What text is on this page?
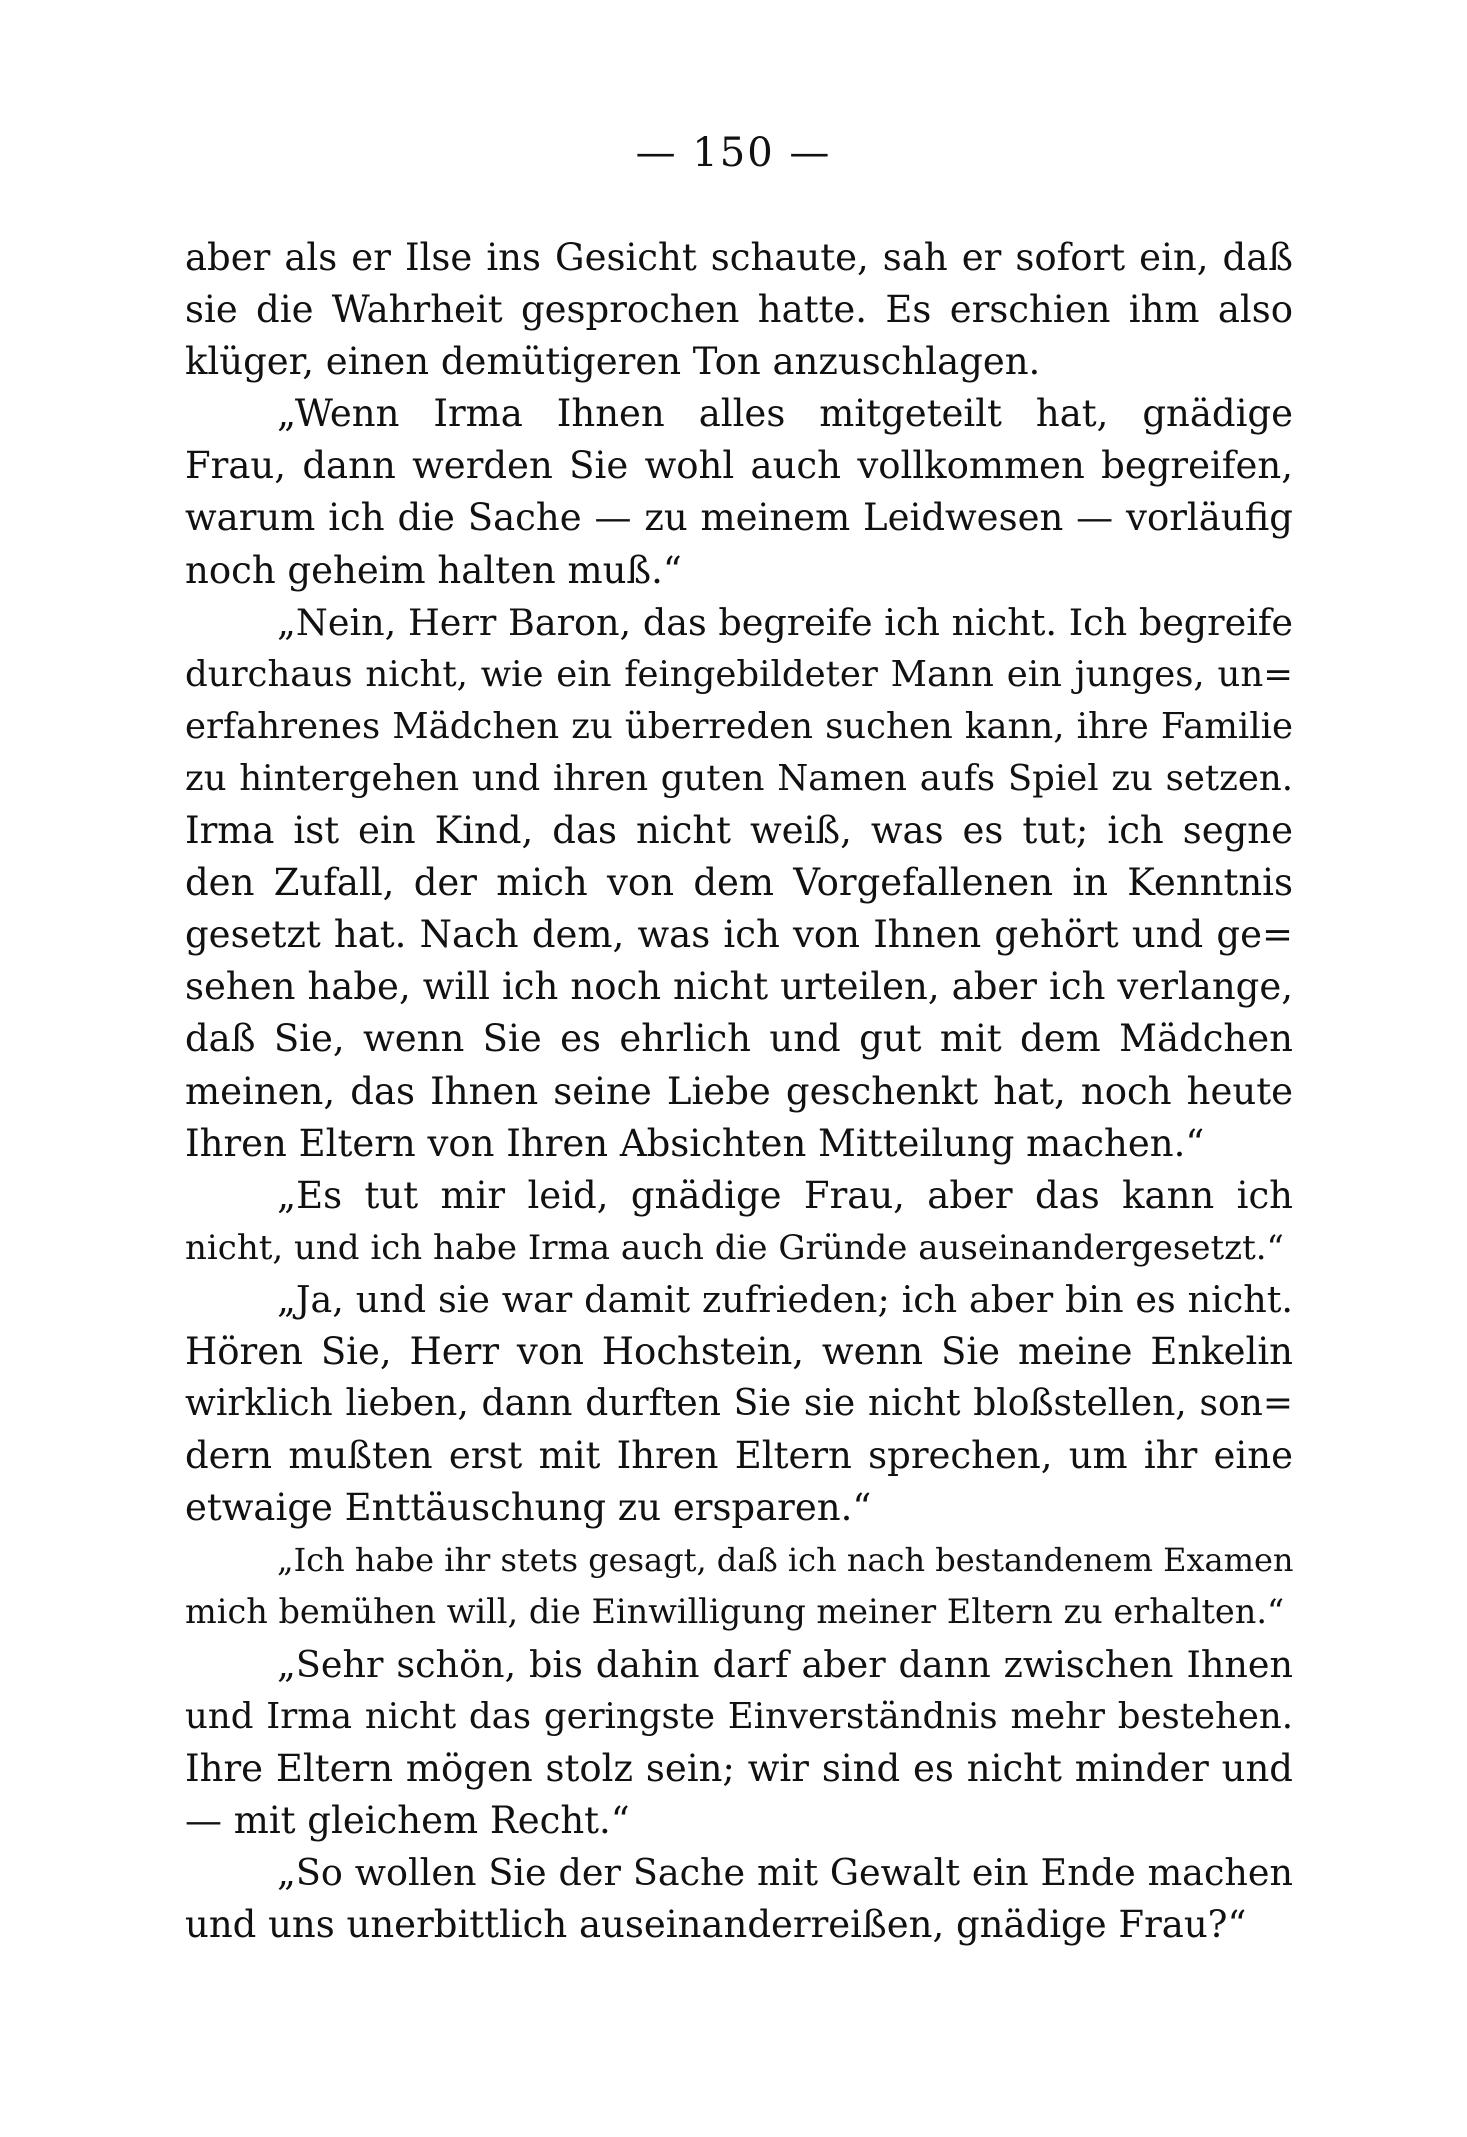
— 150 —
aber als er Ilse ins Gesicht schaute, sah er sofort ein, daß
sie die Wahrheit gesprochen hatte. Es erschien ihm also
klüger, einen demütigeren Ton anzuschlagen.
„Wenn Irma Ihnen alles mitgeteilt hat, gnädige
Frau, dann werden Sie wohl auch vollkommen begreifen,
warum ich die Sache — zu meinem Leidwesen — vorläufig
noch geheim halten muß.“
„Nein, Herr Baron, das begreife ich nicht. Ich begreife
durchaus nicht, wie ein feingebildeter Mann ein junges, un=
erfahrenes Mädchen zu überreden suchen kann, ihre Familie
zu hintergehen und ihren guten Namen aufs Spiel zu setzen.
Irma ist ein Kind, das nicht weiß, was es tut; ich segne
den Zufall, der mich von dem Vorgefallenen in Kenntnis
gesetzt hat. Nach dem, was ich von Ihnen gehört und ge=
sehen habe, will ich noch nicht urteilen, aber ich verlange,
daß Sie, wenn Sie es ehrlich und gut mit dem Mädchen
meinen, das Ihnen seine Liebe geschenkt hat, noch heute
Ihren Eltern von Ihren Absichten Mitteilung machen.“
„Es tut mir leid, gnädige Frau, aber das kann ich
nicht, und ich habe Irma auch die Gründe auseinandergesetzt.“
„Ja, und sie war damit zufrieden; ich aber bin es nicht.
Hören Sie, Herr von Hochstein, wenn Sie meine Enkelin
wirklich lieben, dann durften Sie sie nicht bloßstellen, son=
dern mußten erst mit Ihren Eltern sprechen, um ihr eine
etwaige Enttäuschung zu ersparen.“
„Ich habe ihr stets gesagt, daß ich nach bestandenem Examen
mich bemühen will, die Einwilligung meiner Eltern zu erhalten.“
„Sehr schön, bis dahin darf aber dann zwischen Ihnen
und Irma nicht das geringste Einverständnis mehr bestehen.
Ihre Eltern mögen stolz sein; wir sind es nicht minder und
— mit gleichem Recht.“
„So wollen Sie der Sache mit Gewalt ein Ende machen
und uns unerbittlich auseinanderreißen, gnädige Frau?“
